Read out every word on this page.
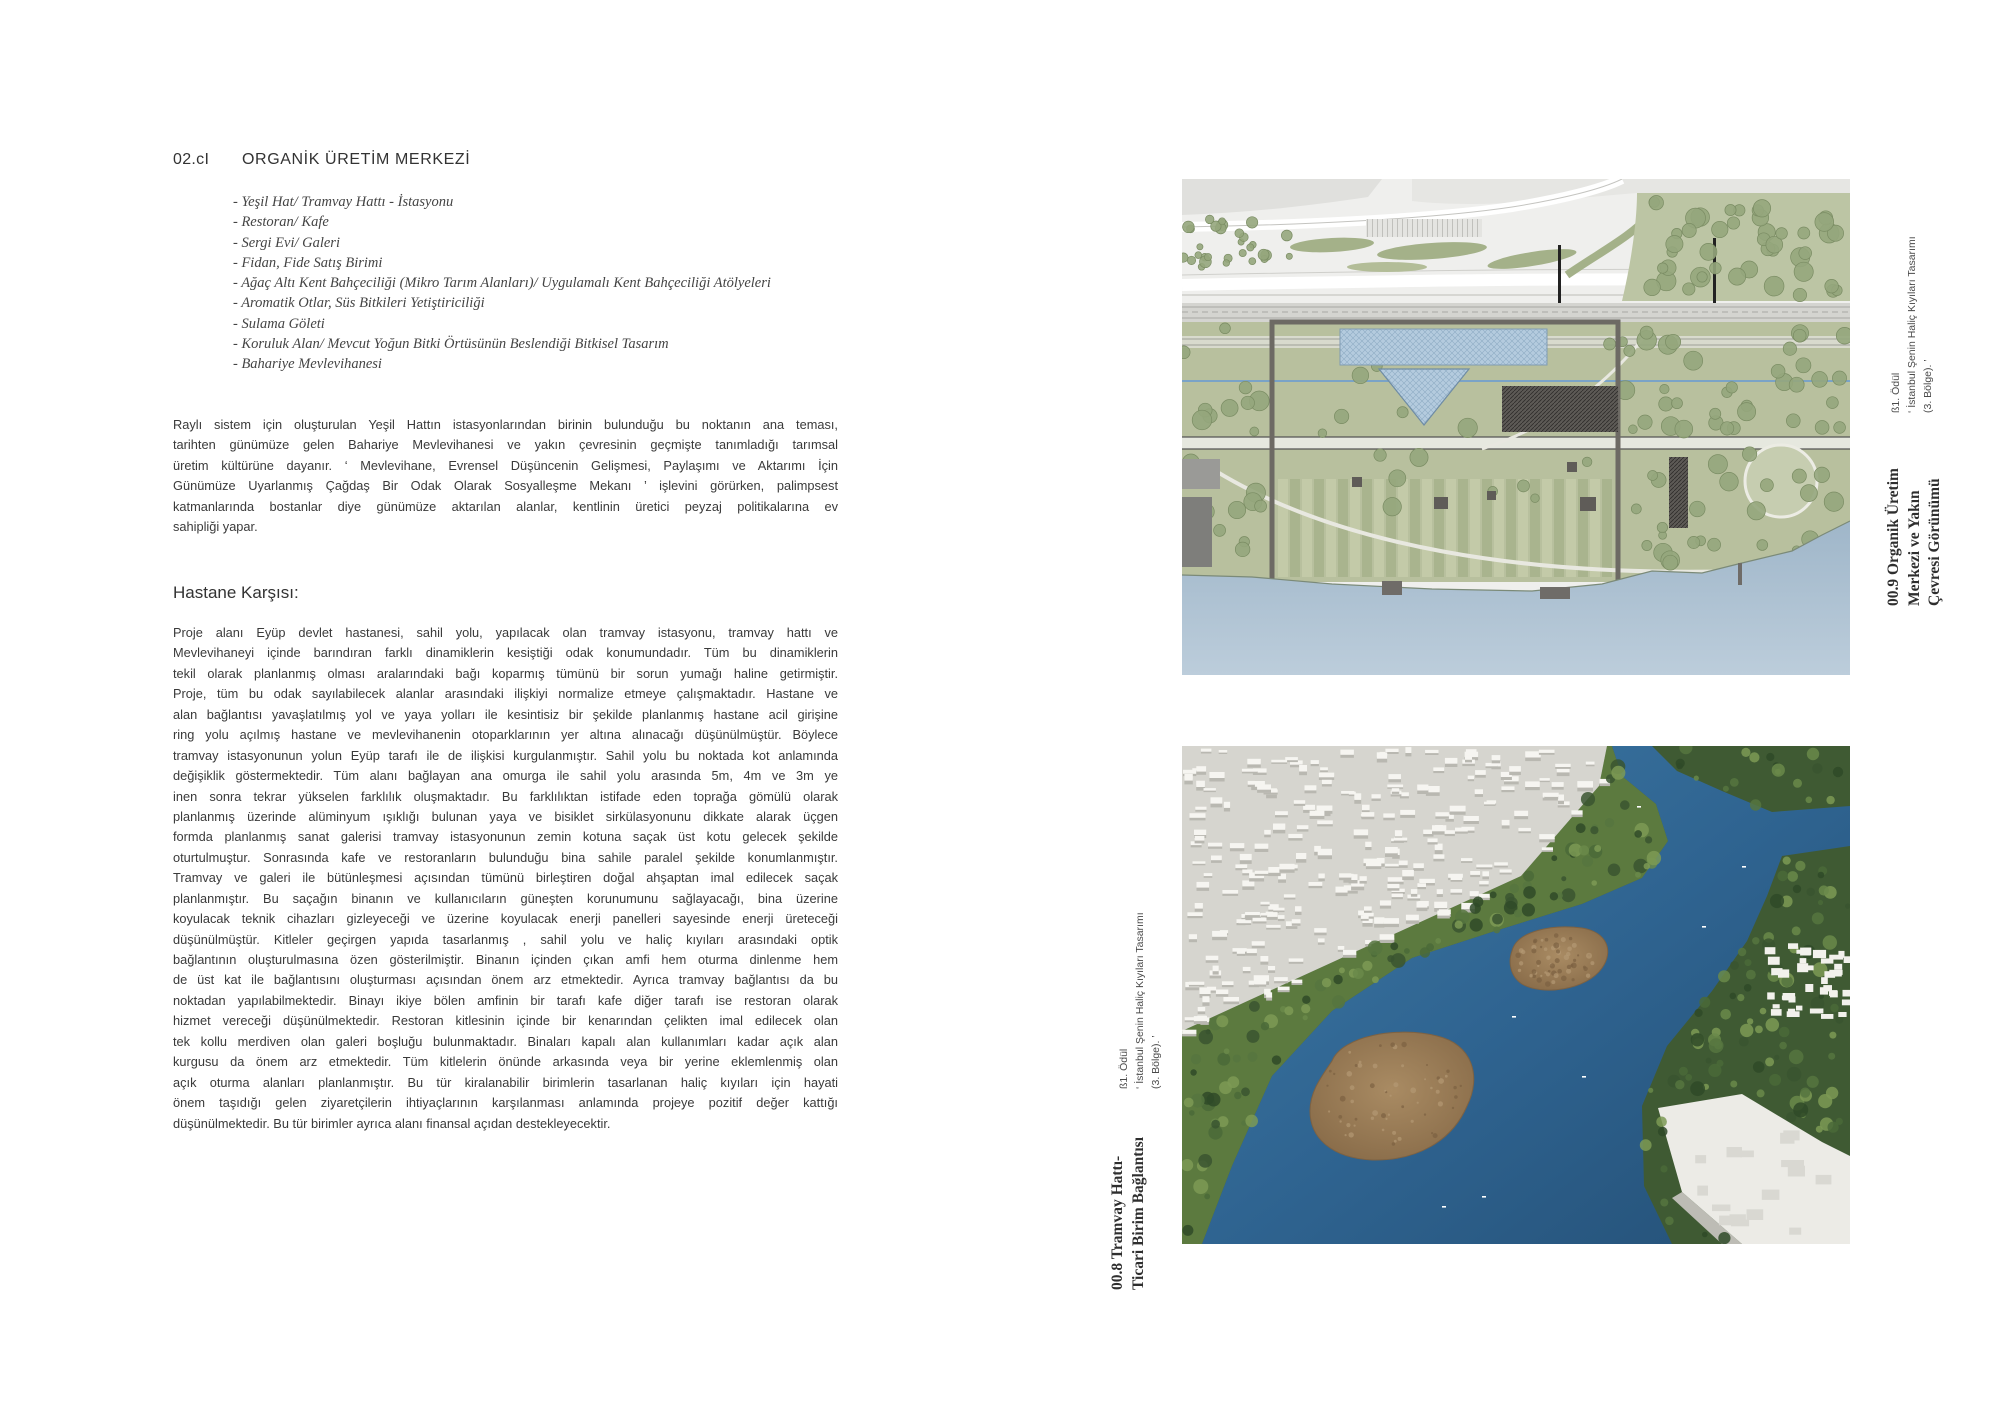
02.cI ORGANİK ÜRETİM MERKEZİ
- Yeşil Hat/ Tramvay Hattı - İstasyonu
- Restoran/ Kafe
- Sergi Evi/ Galeri
- Fidan, Fide Satış Birimi
- Ağaç Altı Kent Bahçeciliği (Mikro Tarım Alanları)/ Uygulamalı Kent Bahçeciliği Atölyeleri
- Aromatik Otlar, Süs Bitkileri Yetiştiriciliği
- Sulama Göleti
- Koruluk Alan/ Mevcut Yoğun Bitki Örtüsünün Beslendiği Bitkisel Tasarım
- Bahariye Mevlevihanesi
Raylı sistem için oluşturulan Yeşil Hattın istasyonlarından birinin bulunduğu bu noktanın ana teması,
tarihten günümüze gelen Bahariye Mevlevihanesi ve yakın çevresinin geçmişte tanımladığı tarımsal
üretim kültürüne dayanır. ‘ Mevlevihane, Evrensel Düşüncenin Gelişmesi, Paylaşımı ve Aktarımı İçin
Günümüze Uyarlanmış Çağdaş Bir Odak Olarak Sosyalleşme Mekanı ’ işlevini görürken, palimpsest
katmanlarında bostanlar diye günümüze aktarılan alanlar, kentlinin üretici peyzaj politikalarına ev
sahipliği yapar.
Hastane Karşısı:
Proje alanı Eyüp devlet hastanesi, sahil yolu, yapılacak olan tramvay istasyonu, tramvay hattı ve
Mevlevihaneyi içinde barındıran farklı dinamiklerin kesiştiği odak konumundadır. Tüm bu dinamiklerin
tekil olarak planlanmış olması aralarındaki bağı koparmış tümünü bir sorun yumağı haline getirmiştir.
Proje, tüm bu odak sayılabilecek alanlar arasındaki ilişkiyi normalize etmeye çalışmaktadır. Hastane ve
alan bağlantısı yavaşlatılmış yol ve yaya yolları ile kesintisiz bir şekilde planlanmış hastane acil girişine
ring yolu açılmış hastane ve mevlevihanenin otoparklarının yer altına alınacağı düşünülmüştür. Böylece
tramvay istasyonunun yolun Eyüp tarafı ile de ilişkisi kurgulanmıştır. Sahil yolu bu noktada kot anlamında
değişiklik göstermektedir. Tüm alanı bağlayan ana omurga ile sahil yolu arasında 5m, 4m ve 3m ye
inen sonra tekrar yükselen farklılık oluşmaktadır. Bu farklılıktan istifade eden toprağa gömülü olarak
planlanmış üzerinde alüminyum ışıklığı bulunan yaya ve bisiklet sirkülasyonunu dikkate alarak üçgen
formda planlanmış sanat galerisi tramvay istasyonunun zemin kotuna saçak üst kotu gelecek şekilde
oturtulmuştur. Sonrasında kafe ve restoranların bulunduğu bina sahile paralel şekilde konumlanmıştır.
Tramvay ve galeri ile bütünleşmesi açısından tümünü birleştiren doğal ahşaptan imal edilecek saçak
planlanmıştır. Bu saçağın binanın ve kullanıcıların güneşten korunumunu sağlayacağı, bina üzerine
koyulacak teknik cihazları gizleyeceği ve üzerine koyulacak enerji panelleri sayesinde enerji üreteceği
düşünülmüştür. Kitleler geçirgen yapıda tasarlanmış , sahil yolu ve haliç kıyıları arasındaki optik
bağlantının oluşturulmasına özen gösterilmiştir. Binanın içinden çıkan amfi hem oturma dinlenme hem
de üst kat ile bağlantısını oluşturması açısından önem arz etmektedir. Ayrıca tramvay bağlantısı da bu
noktadan yapılabilmektedir. Binayı ikiye bölen amfinin bir tarafı kafe diğer tarafı ise restoran olarak
hizmet vereceği düşünülmektedir. Restoran kitlesinin içinde bir kenarından çelikten imal edilecek olan
tek kollu merdiven olan galeri boşluğu bulunmaktadır. Binaları kapalı alan kullanımları kadar açık alan
kurgusu da önem arz etmektedir. Tüm kitlelerin önünde arkasında veya bir yerine eklemlenmiş olan
açık oturma alanları planlanmıştır. Bu tür kiralanabilir birimlerin tasarlanan haliç kıyıları için hayati
önem taşıdığı gelen ziyaretçilerin ihtiyaçlarının karşılanması anlamında projeye pozitif değer kattığı
düşünülmektedir. Bu tür birimler ayrıca alanı finansal açıdan destekleyecektir.
00.9 Organik Üretim Merkezi ve Yakın Çevresi Görünümü
ß1. Ödül ‘ İstanbul Şenin Haliç Kıyıları Tasarımı (3. Bölge). ’
00.8 Tramvay Hattı- Ticari Birim Bağlantısı
ß1. Ödül ‘ İstanbul Şenin Haliç Kıyıları Tasarımı (3. Bölge). ’
